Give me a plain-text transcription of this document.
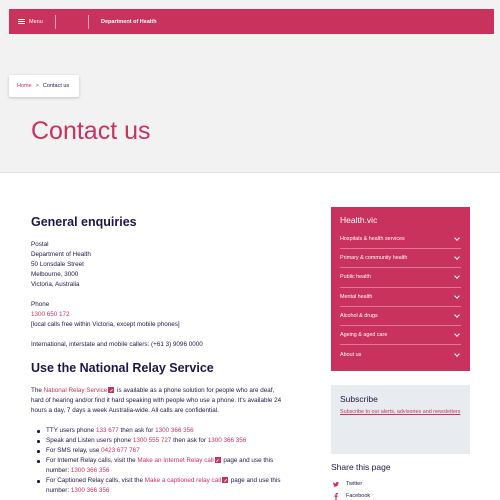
Menu	Department of Health
Home > Contact us
Contact us
General enquiries
Postal
Department of Health
50 Lonsdale Street
Melbourne, 3000
Victoria, Australia
Phone
1300 650 172
[local calls free within Victoria, except mobile phones]
International, interstate and mobile callers: (+61 3) 9096 0000
Use the National Relay Service

The National Relay Service is available as a phone solution for people who are deaf, hard of hearing and/or find it hard speaking with people who use a phone. It's available 24 hours a day, 7 days a week Australia-wide. All calls are confidential.

TTY users phone 133 677 then ask for 1300 366 356
Speak and Listen users phone 1300 555 727 then ask for 1300 366 356
For SMS relay, use 0423 677 767
For Internet Relay calls, visit the Make an Internet Relay call page and use this number: 1300 366 356
For Captioned Relay calls, visit the Make a captioned relay call page and use this number: 1300 366 356
Health.vic
Hospitals & health services
Primary & community health
Public health
Mental health
Alcohol & drugs
Ageing & aged care
About us
Subscribe
Subscribe to our alerts, advisories and newsletters
Share this page
Twitter
Facebook
